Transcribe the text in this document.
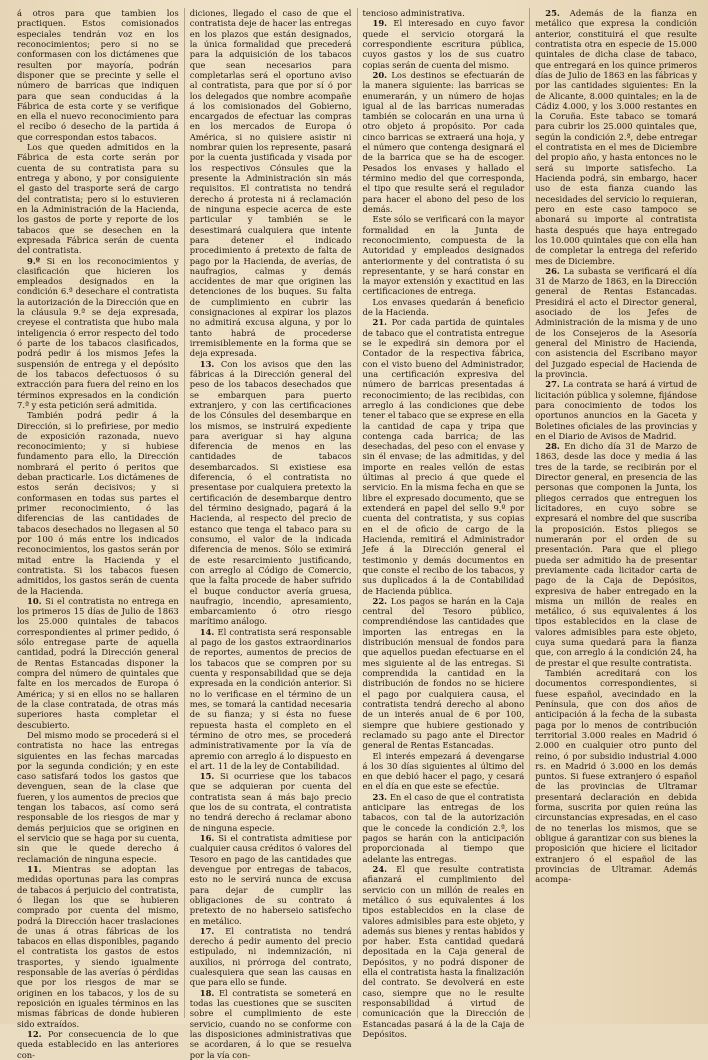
á otros para que tambien los practiquen. Estos comisionados especiales tendrán voz en los reconocimientos; pero si no se conformasen con los dictámenes que resulten por mayoría, podrán disponer que se precinte y selle el número de barricas que indiquen para que sean conducidas á la Fábrica de esta corte y se verifique en ella el nuevo reconocimiento para el recibo ó desecho de la partida á que correspondan estos tabacos.

Los que queden admitidos en la Fábrica de esta corte serán por cuenta de su contratista para su entrega y abono, y por consiguiente el gasto del trasporte será de cargo del contratista; pero si lo estuvieren en la Administración de la Hacienda, los gastos de porte y reporte de los tabacos que se desechen en la expresada Fábrica serán de cuenta del contratista.

9.º Si en los reconocimientos y clasificación que hicieren los empleados designados en la condición 6.ª desechare el contratista la autorización de la Dirección que en la cláusula 9.ª se deja expresada, creyese el contratista que hubo mala inteligencia ó error respecto del todo ó parte de los tabacos clasificados, podrá pedir á los mismos Jefes la suspensión de entrega y el depósito de los tabacos defectuosos ó su extracción para fuera del reino en los términos expresados en la condición 7.ª y esta petición será admitida.

También podrá pedir á la Dirección, si lo prefiriese, por medio de exposición razonada, nuevo reconocimiento; y si hubiese fundamento para ello, la Dirección nombrará el perito ó peritos que deban practicarle. Los dictámenes de estos serán decisivos; y si conformasen en todas sus partes el primer reconocimiento, ó las diferencias de las cantidades de tabacos desechados no llegasen al 50 por 100 ó más entre los indicados reconocimientos, los gastos serán por mitad entre la Hacienda y el contratista. Si los tabacos fuesen admitidos, los gastos serán de cuenta de la Hacienda.

10. Si el contratista no entrega en los primeros 15 días de Julio de 1863 los 25.000 quintales de tabacos correspondientes al primer pedido, ó sólo entregase parte de aquella cantidad, podrá la Dirección general de Rentas Estancadas disponer la compra del número de quintales que falte en los mercados de Europa ó América; y si en ellos no se hallaren de la clase contratada, de otras más superiores hasta completar el descubierto.

Del mismo modo se procederá si el contratista no hace las entregas siguientes en las fechas marcadas por la segunda condición; y en este caso satisfará todos los gastos que devenguen, sean de la clase que fueren, y los aumentos de precios que tengan los tabacos, así como será responsable de los riesgos de mar y demás perjuicios que se originen en el servicio que se haga por su cuenta, sin que le quede derecho á reclamación de ninguna especie.

11. Mientras se adoptan las medidas oportunas para las compras de tabacos á perjuicio del contratista, ó llegan los que se hubieren comprado por cuenta del mismo, podrá la Dirección hacer traslaciones de unas á otras fábricas de los tabacos en ellas disponibles, pagando el contratista los gastos de estos trasportes, y siendo igualmente responsable de las averías ó pérdidas que por los riesgos de mar se originen en los tabacos, y los de su reposición en iguales términos en las mismas fábricas de donde hubieren sido extraídos.

12. Por consecuencia de lo que queda establecido en las anteriores con-

diciones, llegado el caso de que el contratista deje de hacer las entregas en los plazos que están designados, la única formalidad que precederá para la adquisición de los tabacos que sean necesarios para completarlas será el oportuno aviso al contratista, para que por sí ó por los delegados que nombre acompañe á los comisionados del Gobierno, encargados de efectuar las compras en los mercados de Europa ó América, si no quisiere asistir ni nombrar quien los represente, pasará por la cuenta justificada y visada por los respectivos Cónsules que la presente la Administración sin más requisitos. El contratista no tendrá derecho á protesta ni á reclamación de ninguna especie acerca de este particular y también se le desestimará cualquiera que intente para detener el indicado procedimiento á pretexto de falta de pago por la Hacienda, de averías, de naufragios, calmas y demás accidentes de mar que originen las detenciones de los buques. Su falta de cumplimiento en cubrir las consignaciones al expirar los plazos no admitirá excusa alguna, y por lo tanto habrá de procederse irremisiblemente en la forma que se deja expresada.

13. Con los avisos que den las fábricas á la Dirección general del peso de los tabacos desechados que se embarquen para puerto extranjero, y con las certificaciones de los Cónsules del desembarque en los mismos, se instruirá expediente para averiguar si hay alguna diferencia de menos en las cantidades de tabacos desembarcados. Si existiese esa diferencia, ó el contratista no presentase por cualquiera pretexto la certificación de desembarque dentro del término designado, pagará á la Hacienda, al respecto del precio de estanco que tenga el tabaco para su consumo, el valor de la indicada diferencia de menos. Sólo se eximirá de este resarcimiento justificando, con arreglo al Código de Comercio, que la falta procede de haber sufrido el buque conductor avería gruesa, naufragio, incendio, apresamiento, embarcamiento ó otro riesgo marítimo análogo.

14. El contratista será responsable al pago de los gastos extraordinarios de reportes, aumentos de precios de los tabacos que se compren por su cuenta y responsabilidad que se deja expresada en la condición anterior. Si no lo verificase en el término de un mes, se tomará la cantidad necesaria de su fianza; y si ésta no fuese repuesta hasta el completo en el término de otro mes, se procederá administrativamente por la vía de apremio con arreglo á lo dispuesto en el art. 11 de la ley de Contabilidad.

15. Si ocurriese que los tabacos que se adquieran por cuenta del contratista sean á más bajo precio que los de su contrata, el contratista no tendrá derecho á reclamar abono de ninguna especie.

16. Si el contratista admitiese por cualquier causa créditos ó valores del Tesoro en pago de las cantidades que devengue por entregas de tabacos, esto no le servirá nunca de excusa para dejar de cumplir las obligaciones de su contrato á pretexto de no haberseio satisfecho en metálico.

17. El contratista no tendrá derecho á pedir aumento del precio estipulado, ni indemnización, ni auxilios, ni prórroga del contrato, cualesquiera que sean las causas en que para ello se funde.

18. El contratista se someterá en todas las cuestiones que se susciten sobre el cumplimiento de este servicio, cuando no se conforme con las disposiciones administrativas que se acordaren, á lo que se resuelva por la vía con-

tencioso administrativa.

19. El interesado en cuyo favor quede el servicio otorgará la correspondiente escritura pública, cuyos gastos y los de sus cuatro copias serán de cuenta del mismo.

20. Los destinos se efectuarán de la manera siguiente: las barricas se enumerarán, y un número de hojas igual al de las barricas numeradas también se colocarán en una urna ú otro objeto á propósito. Por cada cinco barricas se extraerá una hoja, y el número que contenga designará el de la barrica que se ha de escoger. Pesados los envases y hallado el término medio del que corresponda, el tipo que resulte será el regulador para hacer el abono del peso de los demás.

Este sólo se verificará con la mayor formalidad en la Junta de reconocimiento, compuesta de la Autoridad y empleados designados anteriormente y del contratista ó su representante, y se hará constar en la mayor extensión y exactitud en las certificaciones de entrega.

Los envases quedarán á beneficio de la Hacienda.

21. Por cada partida de quintales de tabaco que el contratista entregue se le expedirá sin demora por el Contador de la respectiva fábrica, con el visto bueno del Administrador, una certificación expresiva del número de barricas presentadas á reconocimiento; de las recibidas, con arreglo á las condiciones que debe tener el tabaco que se exprese en ella la cantidad de capa y tripa que contenga cada barrica; de las desechadas, del peso con el envase y sin él envase; de las admitidas, y del importe en reales vellón de estas últimas al precio á que quede el servicio. En la misma fecha en que se libre el expresado documento, que se extenderá en papel del sello 9.º por cuenta del contratista, y sus copias en el de oficio de cargo de la Hacienda, remitirá el Administrador Jefe á la Dirección general el testimonio y demás documentos en que conste el recibo de los tabacos, y sus duplicados á la de Contabilidad de Hacienda pública.

22. Los pagos se harán en la Caja central del Tesoro público, comprendiéndose las cantidades que importen las entregas en la distribución mensual de fondos para que aquellos puedan efectuarse en el mes siguiente al de las entregas. Si comprendida la cantidad en la distribución de fondos no se hiciere el pago por cualquiera causa, el contratista tendrá derecho al abono de un interés anual de 6 por 100, siempre que hubiere gestionado y reclamado su pago ante el Director general de Rentas Estancadas.

El interés empezará á devengarse á los 30 días siguientes al último del en que debió hacer el pago, y cesará en el día en que este se efectúe.

23. En el caso de que el contratista anticipare las entregas de los tabacos, con tal de la autorización que le concede la condición 2.ª, los pagos se harán con la anticipación proporcionada al tiempo que adelante las entregas.

24. El que resulte contratista afianzará el cumplimiento del servicio con un millón de reales en metálico ó sus equivalentes á los tipos establecidos en la clase de valores admisibles para este objeto, y además sus bienes y rentas habidos y por haber. Esta cantidad quedará depositada en la Caja general de Depósitos, y no podrá disponer de ella el contratista hasta la finalización del contrato. Se devolverá en este caso, siempre que no le resulte responsabilidad á virtud de comunicación que la Dirección de Estancadas pasará á la de la Caja de Depósitos.

25. Además de la fianza en metálico que expresa la condición anterior, constituirá el que resulte contratista otra en especie de 15.000 quintales de dicha clase de tabaco, que entregará en los quince primeros días de Julio de 1863 en las fábricas y por las cantidades siguientes: En la de Alicante, 8.000 quintales; en la de Cádiz 4.000, y los 3.000 restantes en la Coruña. Este tabaco se tomará para cubrir los 25.000 quintales que, según la condición 2.ª, debe entregar el contratista en el mes de Diciembre del propio año, y hasta entonces no le será su importe satisfecho. La Hacienda podrá, sin embargo, hacer uso de esta fianza cuando las necesidades del servicio lo requieran, pero en este caso tampoco se abonará su importe al contratista hasta después que haya entregado los 10.000 quintales que con ella han de completar la entrega del referido mes de Diciembre.

26. La subasta se verificará el día 31 de Marzo de 1863, en la Dirección general de Rentas Estancadas. Presidirá el acto el Director general, asociado de los Jefes de Administración de la misma y de uno de los Consejeros de la Asesoría general del Ministro de Hacienda, con asistencia del Escribano mayor del Juzgado especial de Hacienda de la provincia.

27. La contrata se hará á virtud de licitación pública y solemne, fijándose para conocimiento de todos los oportunos anuncios en la Gaceta y Boletines oficiales de las provincias y en el Diario de Avisos de Madrid.

28. En dicho día 31 de Marzo de 1863, desde las doce y media á las tres de la tarde, se recibirán por el Director general, en presencia de las personas que componen la Junta, los pliegos cerrados que entreguen los licitadores, en cuyo sobre se expresará el nombre del que suscriba la proposición. Estos pliegos se numerarán por el orden de su presentación. Para que el pliego pueda ser admitido ha de presentar previamente cada licitador carta de pago de la Caja de Depósitos, expresiva de haber entregado en la misma un millón de reales en metálico, ó sus equivalentes á los tipos establecidos en la clase de valores admisibles para este objeto, cuya suma quedará para la fianza que, con arreglo á la condición 24, ha de prestar el que resulte contratista.

También acreditará con los documentos correspondientes, si fuese español, avecindado en la Península, que con dos años de anticipación á la fecha de la subasta paga por lo menos de contribución territorial 3.000 reales en Madrid ó 2.000 en cualquier otro punto del reino, ó por subsidio industrial 4.000 rs. en Madrid ó 3.000 en los demás puntos. Si fuese extranjero ó español de las provincias de Ultramar presentará declaración en debida forma, suscrita por quien reúna las circunstancias expresadas, en el caso de no tenerlas los mismos, que se obligue á garantizar con sus bienes la proposición que hiciere el licitador extranjero ó el español de las provincias de Ultramar. Además acompa-
